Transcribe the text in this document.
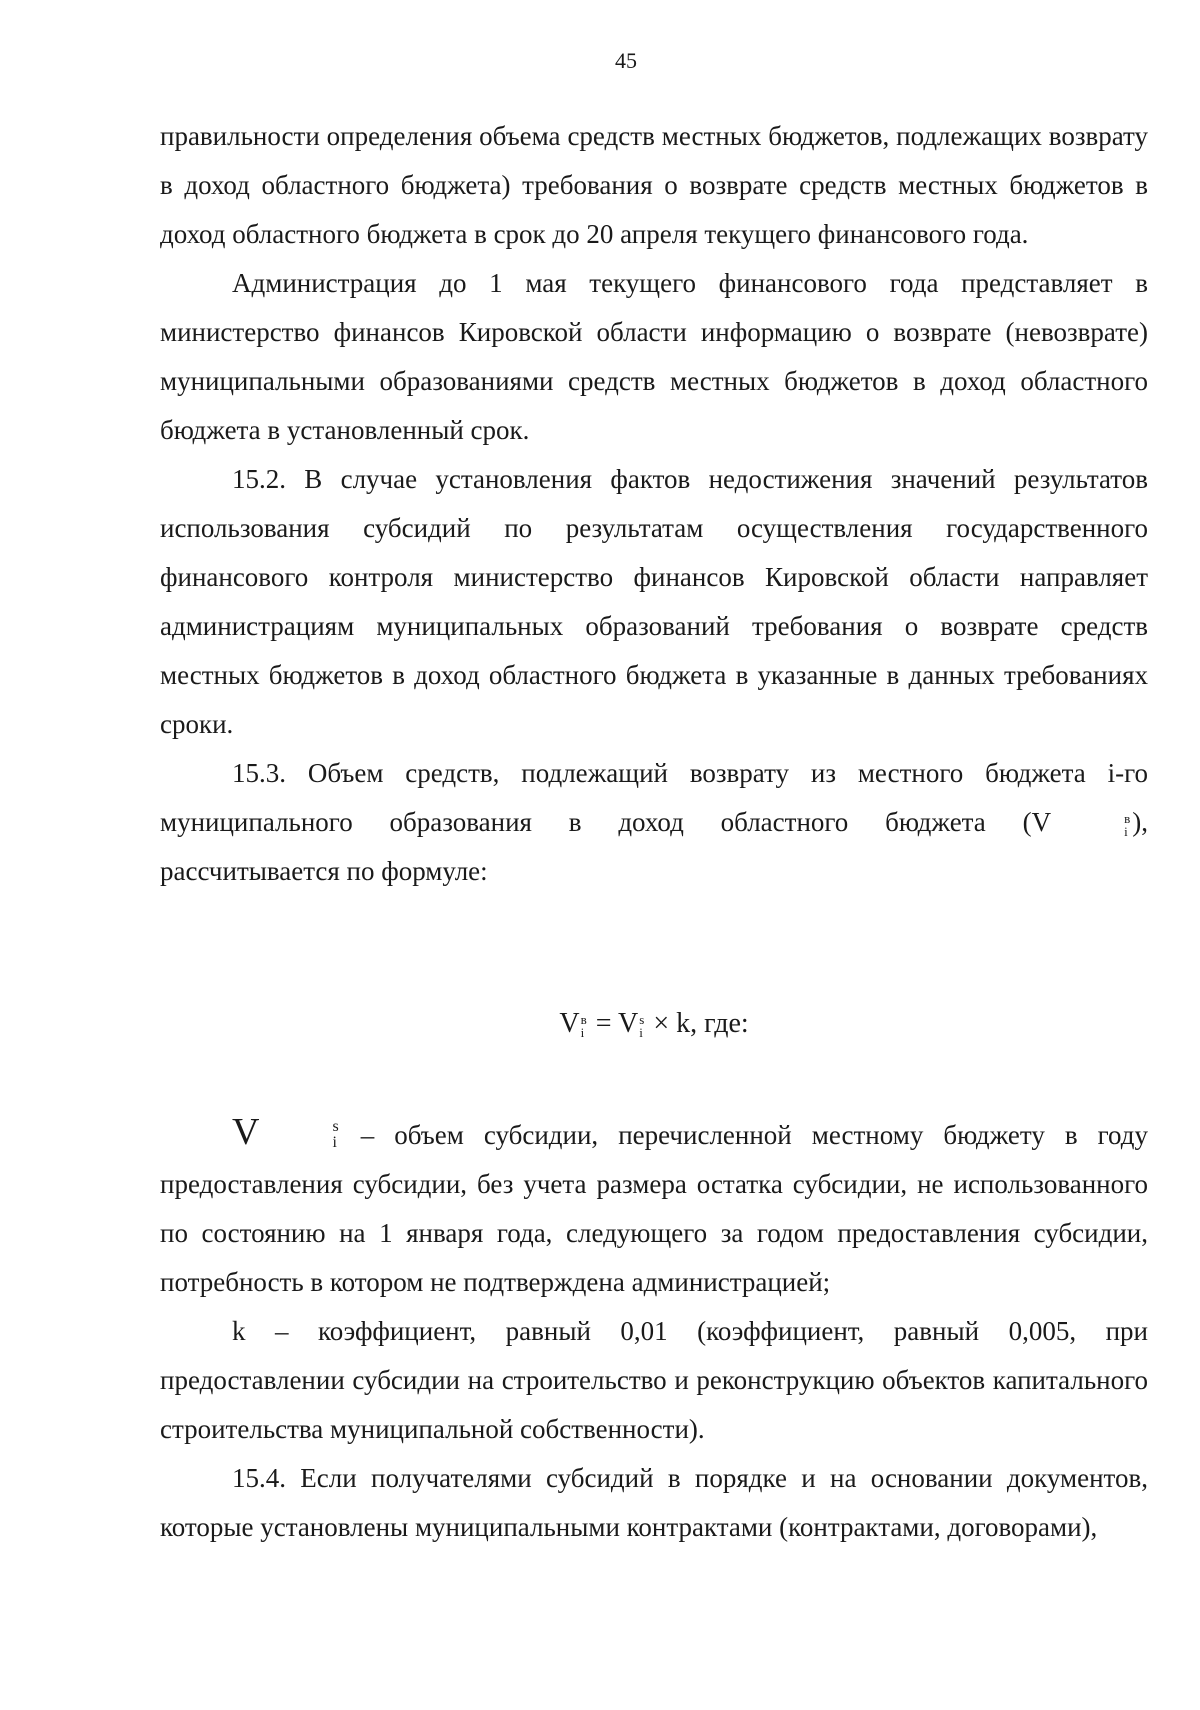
45

правильности определения объема средств местных бюджетов, подлежащих возврату в доход областного бюджета) требования о возврате средств местных бюджетов в доход областного бюджета в срок до 20 апреля текущего финансового года.

Администрация до 1 мая текущего финансового года представляет в министерство финансов Кировской области информацию о возврате (невозврате) муниципальными образованиями средств местных бюджетов в доход областного бюджета в установленный срок.

15.2. В случае установления фактов недостижения значений результатов использования субсидий по результатам осуществления государственного финансового контроля министерство финансов Кировской области направляет администрациям муниципальных образований требования о возврате средств местных бюджетов в доход областного бюджета в указанные в данных требованиях сроки.

15.3. Объем средств, подлежащий возврату из местного бюджета i-го муниципального образования в доход областного бюджета (V	в
i ), рассчитывается по формуле:

V в
i = V s
i × k, где:

V	s
i – объем субсидии, перечисленной местному бюджету в году предоставления субсидии, без учета размера остатка субсидии, не использованного по состоянию на 1 января года, следующего за годом предоставления субсидии, потребность в котором не подтверждена администрацией;

k – коэффициент, равный 0,01 (коэффициент, равный 0,005, при предоставлении субсидии на строительство и реконструкцию объектов капитального строительства муниципальной собственности).

15.4. Если получателями субсидий в порядке и на основании документов, которые установлены муниципальными контрактами (контрактами, договорами),
